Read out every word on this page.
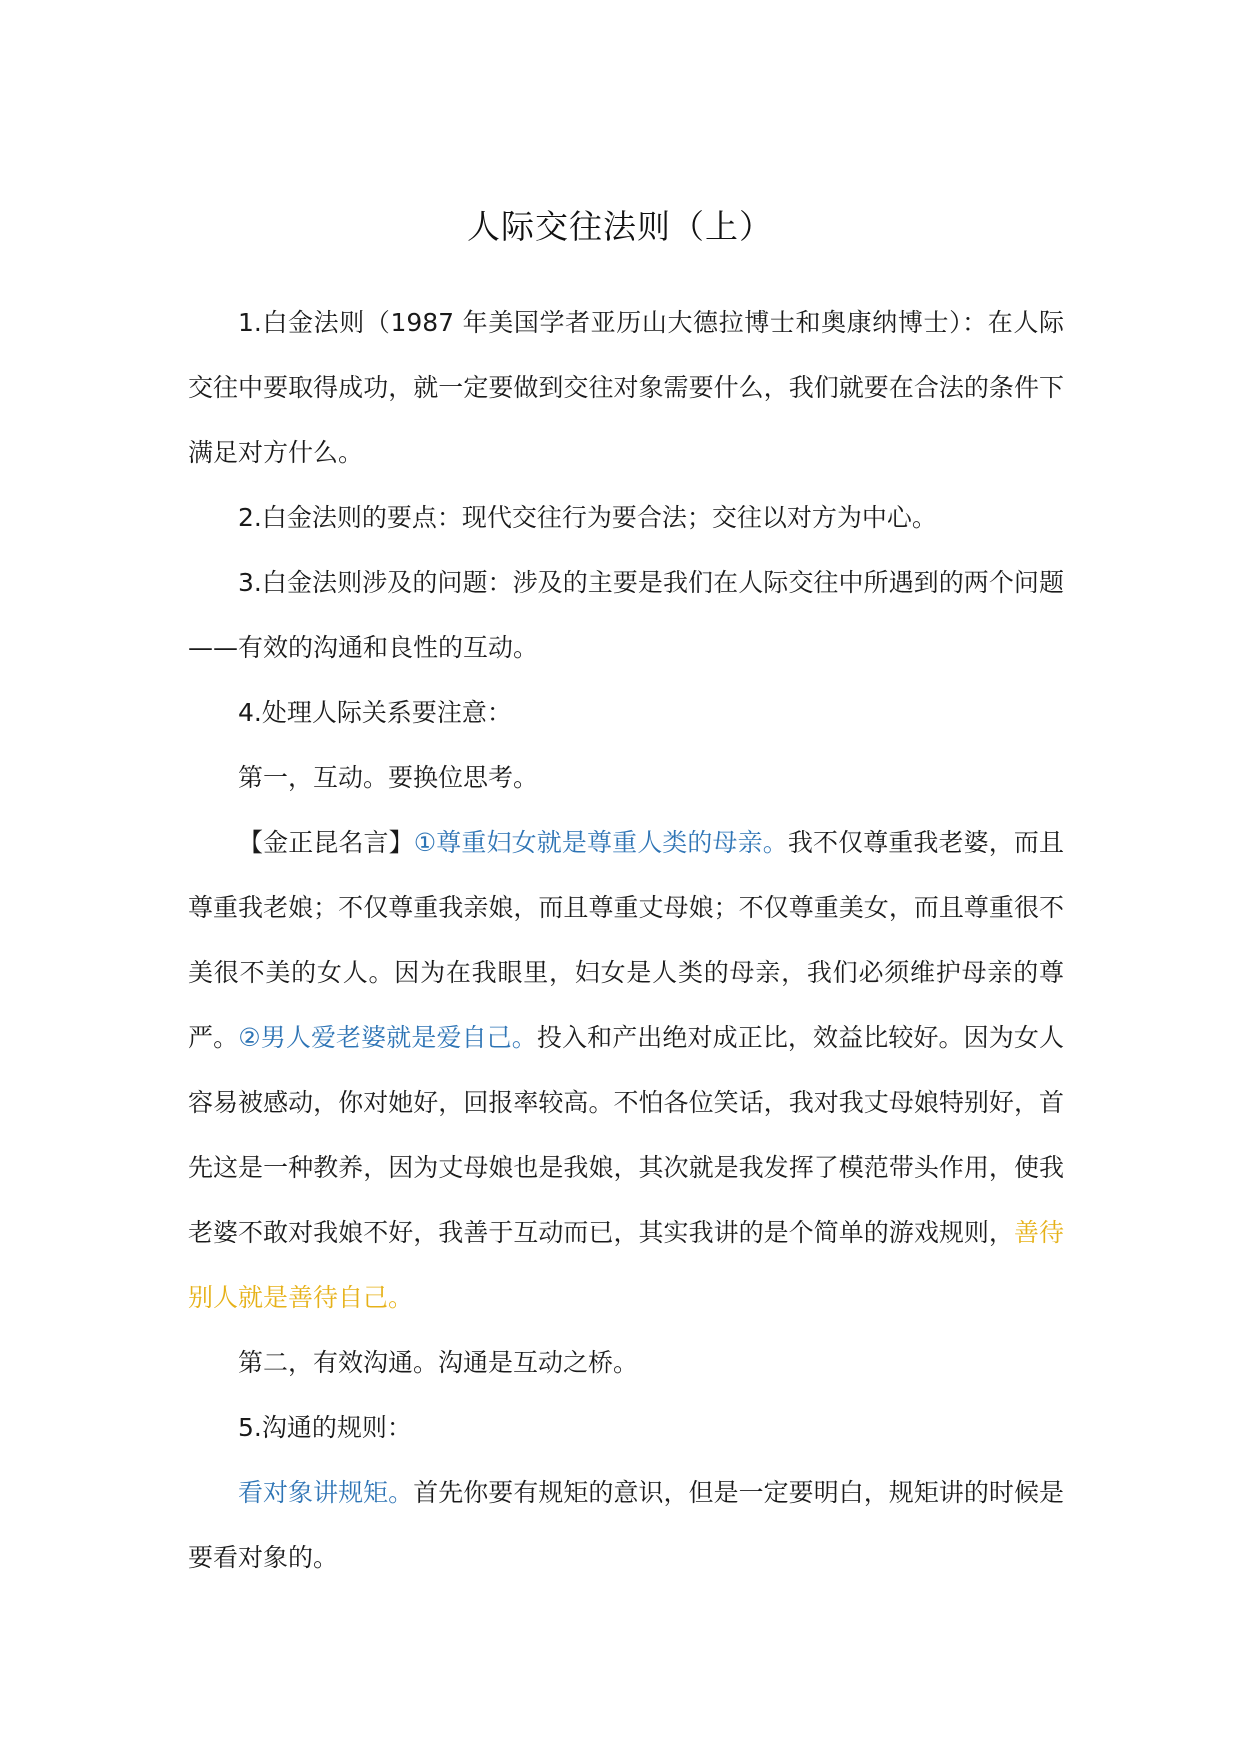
人际交往法则（上）

1.白金法则（1987 年美国学者亚历山大德拉博士和奥康纳博士）：在人际交往中要取得成功，就一定要做到交往对象需要什么，我们就要在合法的条件下满足对方什么。

2.白金法则的要点：现代交往行为要合法；交往以对方为中心。

3.白金法则涉及的问题：涉及的主要是我们在人际交往中所遇到的两个问题——有效的沟通和良性的互动。

4.处理人际关系要注意：

第一，互动。要换位思考。

【金正昆名言】①尊重妇女就是尊重人类的母亲。我不仅尊重我老婆，而且尊重我老娘；不仅尊重我亲娘，而且尊重丈母娘；不仅尊重美女，而且尊重很不美很不美的女人。因为在我眼里，妇女是人类的母亲，我们必须维护母亲的尊严。②男人爱老婆就是爱自己。投入和产出绝对成正比，效益比较好。因为女人容易被感动，你对她好，回报率较高。不怕各位笑话，我对我丈母娘特别好，首先这是一种教养，因为丈母娘也是我娘，其次就是我发挥了模范带头作用，使我老婆不敢对我娘不好，我善于互动而已，其实我讲的是个简单的游戏规则，善待别人就是善待自己。

第二，有效沟通。沟通是互动之桥。

5.沟通的规则：

看对象讲规矩。首先你要有规矩的意识，但是一定要明白，规矩讲的时候是要看对象的。
